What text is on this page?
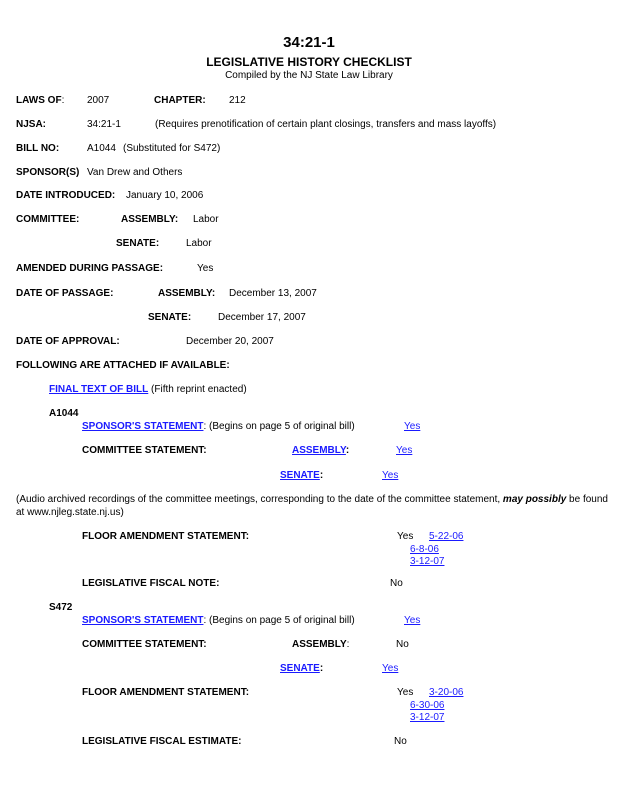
34:21-1
LEGISLATIVE HISTORY CHECKLIST
Compiled by the NJ State Law Library
LAWS OF: 2007	CHAPTER: 212
NJSA:	34:21-1	(Requires prenotification of certain plant closings, transfers and mass layoffs)
BILL NO:	A1044 (Substituted for S472)
SPONSOR(S) Van Drew and Others
DATE INTRODUCED: January 10, 2006
COMMITTEE:	ASSEMBLY: Labor
SENATE:	Labor
AMENDED DURING PASSAGE:	Yes
DATE OF PASSAGE:	ASSEMBLY: December 13, 2007
SENATE:	December 17, 2007
DATE OF APPROVAL:	December 20, 2007
FOLLOWING ARE ATTACHED IF AVAILABLE:
FINAL TEXT OF BILL (Fifth reprint enacted)
A1044
SPONSOR'S STATEMENT: (Begins on page 5 of original bill)	Yes
COMMITTEE STATEMENT:	ASSEMBLY:	Yes
SENATE:	Yes
(Audio archived recordings of the committee meetings, corresponding to the date of the committee statement, may possibly be found
at www.njleg.state.nj.us)
FLOOR AMENDMENT STATEMENT:	Yes 5-22-06
6-8-06
3-12-07
LEGISLATIVE FISCAL NOTE:	No
S472
SPONSOR'S STATEMENT: (Begins on page 5 of original bill)	Yes
COMMITTEE STATEMENT:	ASSEMBLY:	No
SENATE:	Yes
FLOOR AMENDMENT STATEMENT:	Yes 3-20-06
6-30-06
3-12-07
LEGISLATIVE FISCAL ESTIMATE:	No
